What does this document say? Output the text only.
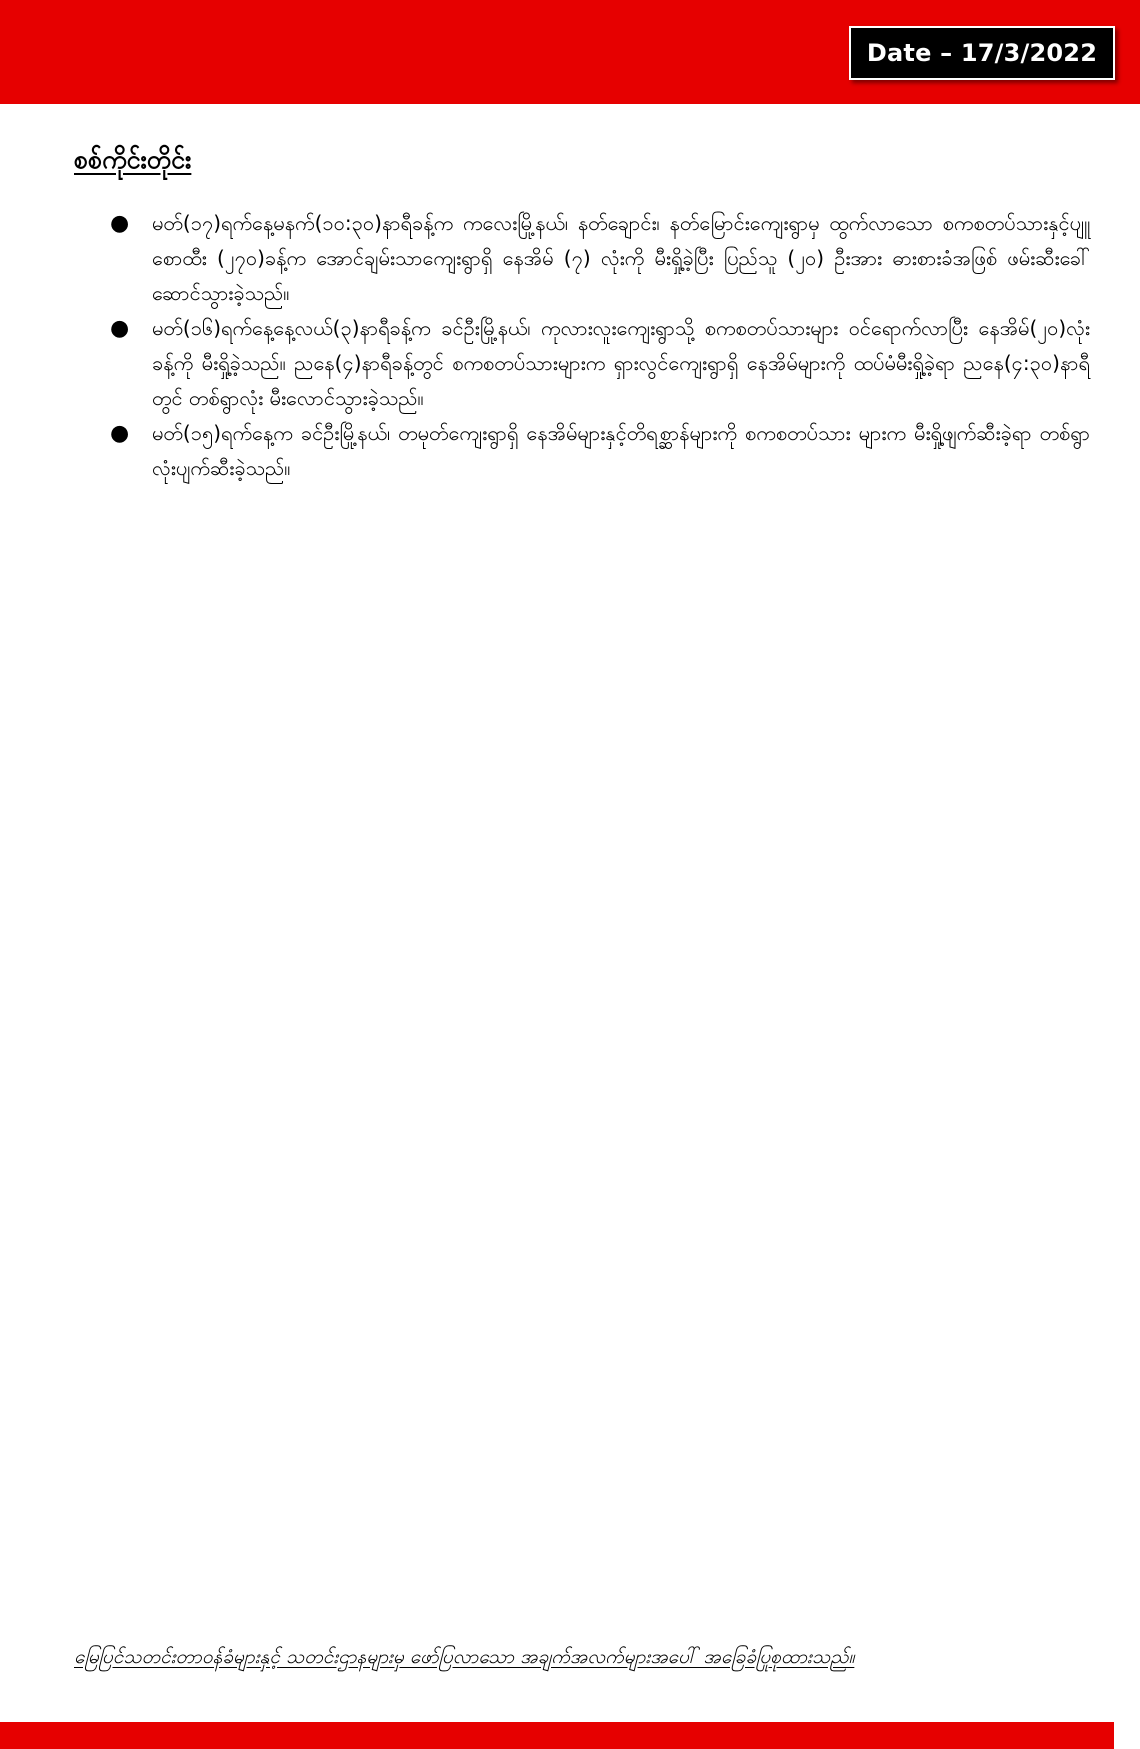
Date – 17/3/2022
စစ်ကိုင်းတိုင်း
●	မတ်(၁၇)ရက်နေ့မနက်(၁၀:၃၀)နာရီခန့်က ကလေးမြို့နယ်၊ နတ်ချောင်း၊ နတ်မြောင်းကျေးရွာမှ ထွက်လာသော စကစတပ်သားနှင့်ပျူစောထီး (၂၇၀)ခန့်က အောင်ချမ်းသာကျေးရွာရှိ နေအိမ် (၇) လုံးကို မီးရှို့ခဲ့ပြီး ပြည်သူ (၂၀) ဦးအား ဓားစားခံအဖြစ် ဖမ်းဆီးခေါ်ဆောင်သွားခဲ့သည်။
●	မတ်(၁၆)ရက်နေ့နေ့လယ်(၃)နာရီခန့်က ခင်ဦးမြို့နယ်၊ ကုလားလူးကျေးရွာသို့ စကစတပ်သားများ ဝင်ရောက်လာပြီး နေအိမ်(၂၀)လုံးခန့်ကို မီးရှို့ခဲ့သည်။ ညနေ(၄)နာရီခန့်တွင် စကစတပ်သားများက ရှားလွင်ကျေးရွာရှိ နေအိမ်များကို ထပ်မံမီးရှို့ခဲ့ရာ ညနေ(၄:၃၀)နာရီတွင် တစ်ရွာလုံး မီးလောင်သွားခဲ့သည်။
●	မတ်(၁၅)ရက်နေ့က ခင်ဦးမြို့နယ်၊ တမုတ်ကျေးရွာရှိ နေအိမ်များနှင့်တိရစ္ဆာန်များကို စကစတပ်သား များက မီးရှို့ဖျက်ဆီးခဲ့ရာ တစ်ရွာလုံးပျက်ဆီးခဲ့သည်။
မြေပြင်သတင်းတာဝန်ခံများနှင့် သတင်းဌာနများမှ ဖော်ပြလာသော အချက်အလက်များအပေါ် အခြေခံပြုစုထားသည်။
